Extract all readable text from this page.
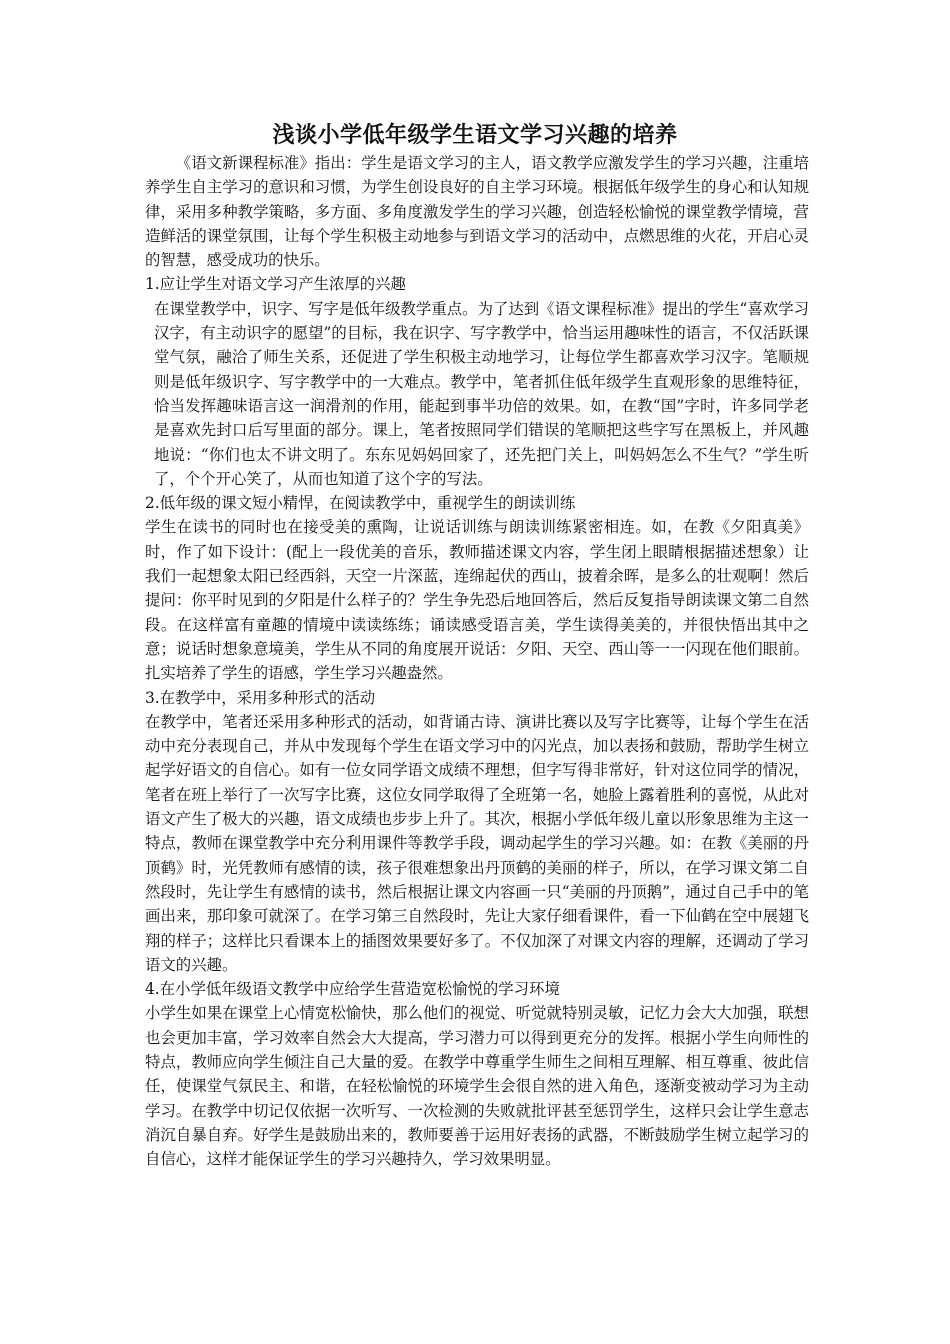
浅谈小学低年级学生语文学习兴趣的培养

《语文新课程标准》指出：学生是语文学习的主人，语文教学应激发学生的学习兴趣，注重培养学生自主学习的意识和习惯，为学生创设良好的自主学习环境。根据低年级学生的身心和认知规律，采用多种教学策略，多方面、多角度激发学生的学习兴趣，创造轻松愉悦的课堂教学情境，营造鲜活的课堂氛围，让每个学生积极主动地参与到语文学习的活动中，点燃思维的火花，开启心灵的智慧，感受成功的快乐。

1.应让学生对语文学习产生浓厚的兴趣

在课堂教学中，识字、写字是低年级教学重点。为了达到《语文课程标准》提出的学生“喜欢学习汉字，有主动识字的愿望”的目标，我在识字、写字教学中，恰当运用趣味性的语言，不仅活跃课堂气氛，融洽了师生关系，还促进了学生积极主动地学习，让每位学生都喜欢学习汉字。笔顺规则是低年级识字、写字教学中的一大难点。教学中，笔者抓住低年级学生直观形象的思维特征，恰当发挥趣味语言这一润滑剂的作用，能起到事半功倍的效果。如，在教“国”字时，许多同学老是喜欢先封口后写里面的部分。课上，笔者按照同学们错误的笔顺把这些字写在黑板上，并风趣地说：“你们也太不讲文明了。东东见妈妈回家了，还先把门关上，叫妈妈怎么不生气？”学生听了，个个开心笑了，从而也知道了这个字的写法。

2.低年级的课文短小精悍，在阅读教学中，重视学生的朗读训练

学生在读书的同时也在接受美的熏陶，让说话训练与朗读训练紧密相连。如，在教《夕阳真美》时，作了如下设计：(配上一段优美的音乐，教师描述课文内容，学生闭上眼睛根据描述想象）让我们一起想象太阳已经西斜，天空一片深蓝，连绵起伏的西山，披着余晖，是多么的壮观啊！然后提问：你平时见到的夕阳是什么样子的？学生争先恐后地回答后，然后反复指导朗读课文第二自然段。在这样富有童趣的情境中读读练练；诵读感受语言美，学生读得美美的，并很快悟出其中之意；说话时想象意境美，学生从不同的角度展开说话：夕阳、天空、西山等一一闪现在他们眼前。扎实培养了学生的语感，学生学习兴趣盎然。

3.在教学中，采用多种形式的活动

在教学中，笔者还采用多种形式的活动，如背诵古诗、演讲比赛以及写字比赛等，让每个学生在活动中充分表现自己，并从中发现每个学生在语文学习中的闪光点，加以表扬和鼓励，帮助学生树立起学好语文的自信心。如有一位女同学语文成绩不理想，但字写得非常好，针对这位同学的情况，笔者在班上举行了一次写字比赛，这位女同学取得了全班第一名，她脸上露着胜利的喜悦，从此对语文产生了极大的兴趣，语文成绩也步步上升了。其次，根据小学低年级儿童以形象思维为主这一特点，教师在课堂教学中充分利用课件等教学手段，调动起学生的学习兴趣。如：在教《美丽的丹顶鹤》时，光凭教师有感情的读，孩子很难想象出丹顶鹤的美丽的样子，所以，在学习课文第二自然段时，先让学生有感情的读书，然后根据让课文内容画一只“美丽的丹顶鹅”，通过自己手中的笔画出来，那印象可就深了。在学习第三自然段时，先让大家仔细看课件，看一下仙鹤在空中展翅飞翔的样子；这样比只看课本上的插图效果要好多了。不仅加深了对课文内容的理解，还调动了学习语文的兴趣。

4.在小学低年级语文教学中应给学生营造宽松愉悦的学习环境

小学生如果在课堂上心情宽松愉快，那么他们的视觉、听觉就特别灵敏，记忆力会大大加强，联想也会更加丰富，学习效率自然会大大提高，学习潜力可以得到更充分的发挥。根据小学生向师性的特点，教师应向学生倾注自己大量的爱。在教学中尊重学生师生之间相互理解、相互尊重、彼此信任，使课堂气氛民主、和谐，在轻松愉悦的环境学生会很自然的进入角色，逐渐变被动学习为主动学习。在教学中切记仅依据一次听写、一次检测的失败就批评甚至惩罚学生，这样只会让学生意志消沉自暴自弃。好学生是鼓励出来的，教师要善于运用好表扬的武器，不断鼓励学生树立起学习的自信心，这样才能保证学生的学习兴趣持久，学习效果明显。
